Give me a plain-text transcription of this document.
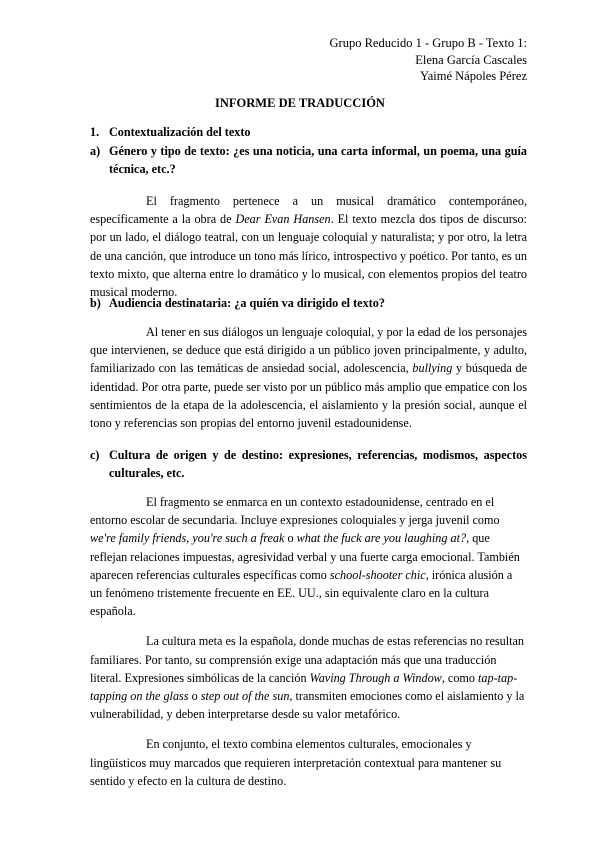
Grupo Reducido 1 - Grupo B - Texto 1:
Elena García Cascales
Yaimé Nápoles Pérez
INFORME DE TRADUCCIÓN
1. Contextualización del texto
a) Género y tipo de texto: ¿es una noticia, una carta informal, un poema, una guía técnica, etc.?
El fragmento pertenece a un musical dramático contemporáneo, específicamente a la obra de Dear Evan Hansen. El texto mezcla dos tipos de discurso: por un lado, el diálogo teatral, con un lenguaje coloquial y naturalista; y por otro, la letra de una canción, que introduce un tono más lírico, introspectivo y poético. Por tanto, es un texto mixto, que alterna entre lo dramático y lo musical, con elementos propios del teatro musical moderno.
b) Audiencia destinataria: ¿a quién va dirigido el texto?
Al tener en sus diálogos un lenguaje coloquial, y por la edad de los personajes que intervienen, se deduce que está dirigido a un público joven principalmente, y adulto, familiarizado con las temáticas de ansiedad social, adolescencia, bullying y búsqueda de identidad. Por otra parte, puede ser visto por un público más amplio que empatice con los sentimientos de la etapa de la adolescencia, el aislamiento y la presión social, aunque el tono y referencias son propias del entorno juvenil estadounidense.
c) Cultura de origen y de destino: expresiones, referencias, modismos, aspectos culturales, etc.
El fragmento se enmarca en un contexto estadounidense, centrado en el entorno escolar de secundaria. Incluye expresiones coloquiales y jerga juvenil como we're family friends, you're such a freak o what the fuck are you laughing at?, que reflejan relaciones impuestas, agresividad verbal y una fuerte carga emocional. También aparecen referencias culturales específicas como school-shooter chic, irónica alusión a un fenómeno tristemente frecuente en EE. UU., sin equivalente claro en la cultura española.
La cultura meta es la española, donde muchas de estas referencias no resultan familiares. Por tanto, su comprensión exige una adaptación más que una traducción literal. Expresiones simbólicas de la canción Waving Through a Window, como tap-tap-tapping on the glass o step out of the sun, transmiten emociones como el aislamiento y la vulnerabilidad, y deben interpretarse desde su valor metafórico.
En conjunto, el texto combina elementos culturales, emocionales y lingüísticos muy marcados que requieren interpretación contextual para mantener su sentido y efecto en la cultura de destino.
